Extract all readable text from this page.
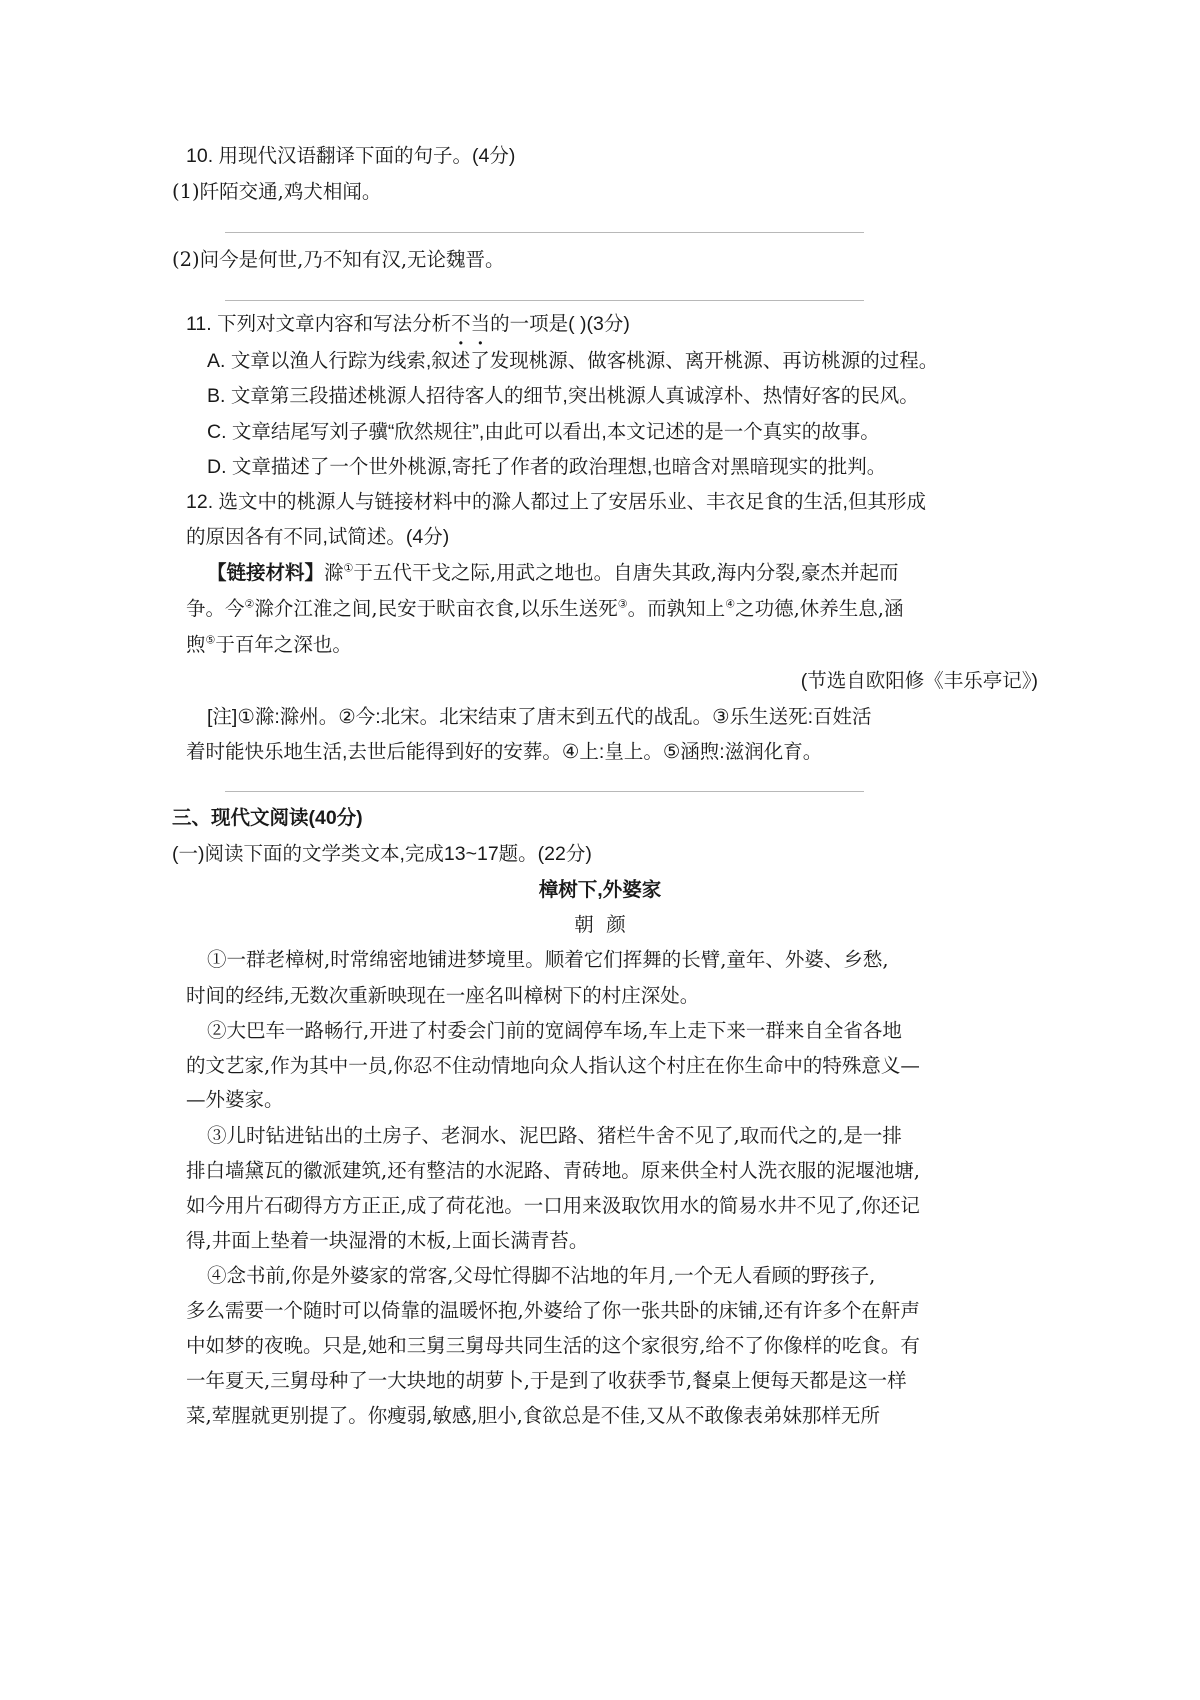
10. 用现代汉语翻译下面的句子。(4分)
(1)阡陌交通,鸡犬相闻。
(2)问今是何世,乃不知有汉,无论魏晋。
11. 下列对文章内容和写法分析不当的一项是( )(3分)
A. 文章以渔人行踪为线索,叙述了发现桃源、做客桃源、离开桃源、再访桃源的过程。
B. 文章第三段描述桃源人招待客人的细节,突出桃源人真诚淳朴、热情好客的民风。
C. 文章结尾写刘子骥“欣然规往”,由此可以看出,本文记述的是一个真实的故事。
D. 文章描述了一个世外桃源,寄托了作者的政治理想,也暗含对黑暗现实的批判。
12. 选文中的桃源人与链接材料中的滁人都过上了安居乐业、丰衣足食的生活,但其形成
的原因各有不同,试简述。(4分)
【链接材料】滁①于五代干戈之际,用武之地也。自唐失其政,海内分裂,豪杰并起而
争。今②滁介江淮之间,民安于畎亩衣食,以乐生送死③。而孰知上④之功德,休养生息,涵
煦⑤于百年之深也。
(节选自欧阳修《丰乐亭记》)
[注]①滁:滁州。②今:北宋。北宋结束了唐末到五代的战乱。③乐生送死:百姓活
着时能快乐地生活,去世后能得到好的安葬。④上:皇上。⑤涵煦:滋润化育。
三、现代文阅读(40分)
(一)阅读下面的文学类文本,完成13~17题。(22分)
樟树下,外婆家
朝  颜
①一群老樟树,时常绵密地铺进梦境里。顺着它们挥舞的长臂,童年、外婆、乡愁,
时间的经纬,无数次重新映现在一座名叫樟树下的村庄深处。
②大巴车一路畅行,开进了村委会门前的宽阔停车场,车上走下来一群来自全省各地
的文艺家,作为其中一员,你忍不住动情地向众人指认这个村庄在你生命中的特殊意义—
—外婆家。
③儿时钻进钻出的土房子、老洞水、泥巴路、猪栏牛舍不见了,取而代之的,是一排
排白墙黛瓦的徽派建筑,还有整洁的水泥路、青砖地。原来供全村人洗衣服的泥堰池塘,
如今用片石砌得方方正正,成了荷花池。一口用来汲取饮用水的简易水井不见了,你还记
得,井面上垫着一块湿滑的木板,上面长满青苔。
④念书前,你是外婆家的常客,父母忙得脚不沾地的年月,一个无人看顾的野孩子,
多么需要一个随时可以倚靠的温暖怀抱,外婆给了你一张共卧的床铺,还有许多个在鼾声
中如梦的夜晚。只是,她和三舅三舅母共同生活的这个家很穷,给不了你像样的吃食。有
一年夏天,三舅母种了一大块地的胡萝卜,于是到了收获季节,餐桌上便每天都是这一样
菜,荤腥就更别提了。你瘦弱,敏感,胆小,食欲总是不佳,又从不敢像表弟妹那样无所
